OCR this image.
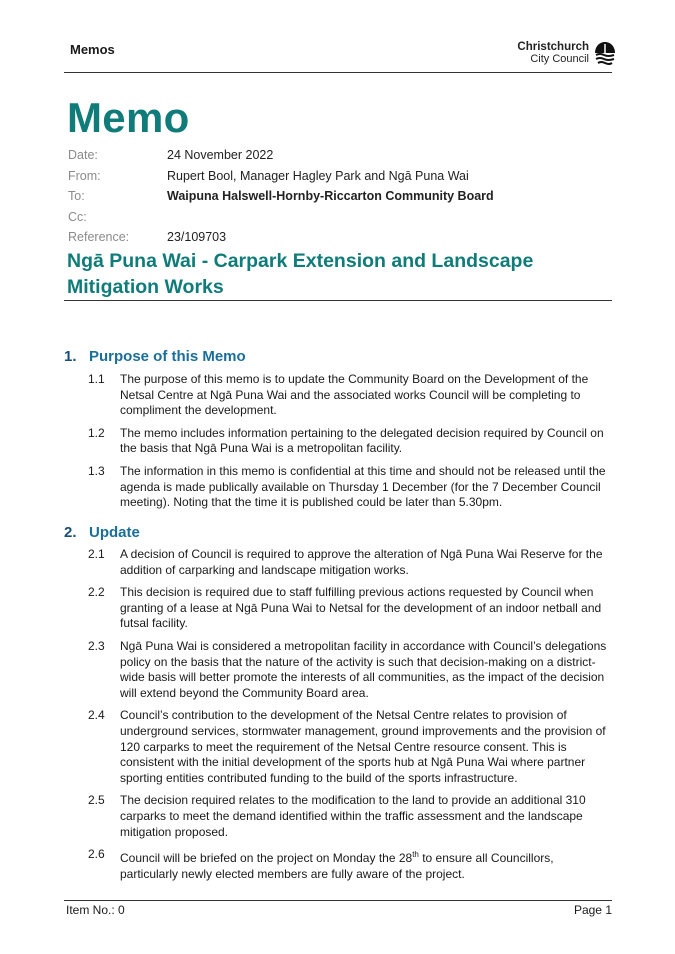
Memos	Christchurch
City Council
Memo
Date:	24 November 2022
From:	Rupert Bool, Manager Hagley Park and Ngā Puna Wai
To:	Waipuna Halswell-Hornby-Riccarton Community Board
Cc:
Reference:	23/109703
Ngā Puna Wai - Carpark Extension and Landscape Mitigation Works
1. Purpose of this Memo
1.1	The purpose of this memo is to update the Community Board on the Development of the Netsal Centre at Ngā Puna Wai and the associated works Council will be completing to compliment the development.
1.2	The memo includes information pertaining to the delegated decision required by Council on the basis that Ngā Puna Wai is a metropolitan facility.
1.3	The information in this memo is confidential at this time and should not be released until the agenda is made publically available on Thursday 1 December (for the 7 December Council meeting). Noting that the time it is published could be later than 5.30pm.
2. Update
2.1	A decision of Council is required to approve the alteration of Ngā Puna Wai Reserve for the addition of carparking and landscape mitigation works.
2.2	This decision is required due to staff fulfilling previous actions requested by Council when granting of a lease at Ngā Puna Wai to Netsal for the development of an indoor netball and futsal facility.
2.3	Ngā Puna Wai is considered a metropolitan facility in accordance with Council’s delegations policy on the basis that the nature of the activity is such that decision-making on a district-wide basis will better promote the interests of all communities, as the impact of the decision will extend beyond the Community Board area.
2.4	Council’s contribution to the development of the Netsal Centre relates to provision of underground services, stormwater management, ground improvements and the provision of 120 carparks to meet the requirement of the Netsal Centre resource consent. This is consistent with the initial development of the sports hub at Ngā Puna Wai where partner sporting entities contributed funding to the build of the sports infrastructure.
2.5	The decision required relates to the modification to the land to provide an additional 310 carparks to meet the demand identified within the traffic assessment and the landscape mitigation proposed.
2.6	Council will be briefed on the project on Monday the 28th to ensure all Councillors, particularly newly elected members are fully aware of the project.
Item No.: 0	Page 1
